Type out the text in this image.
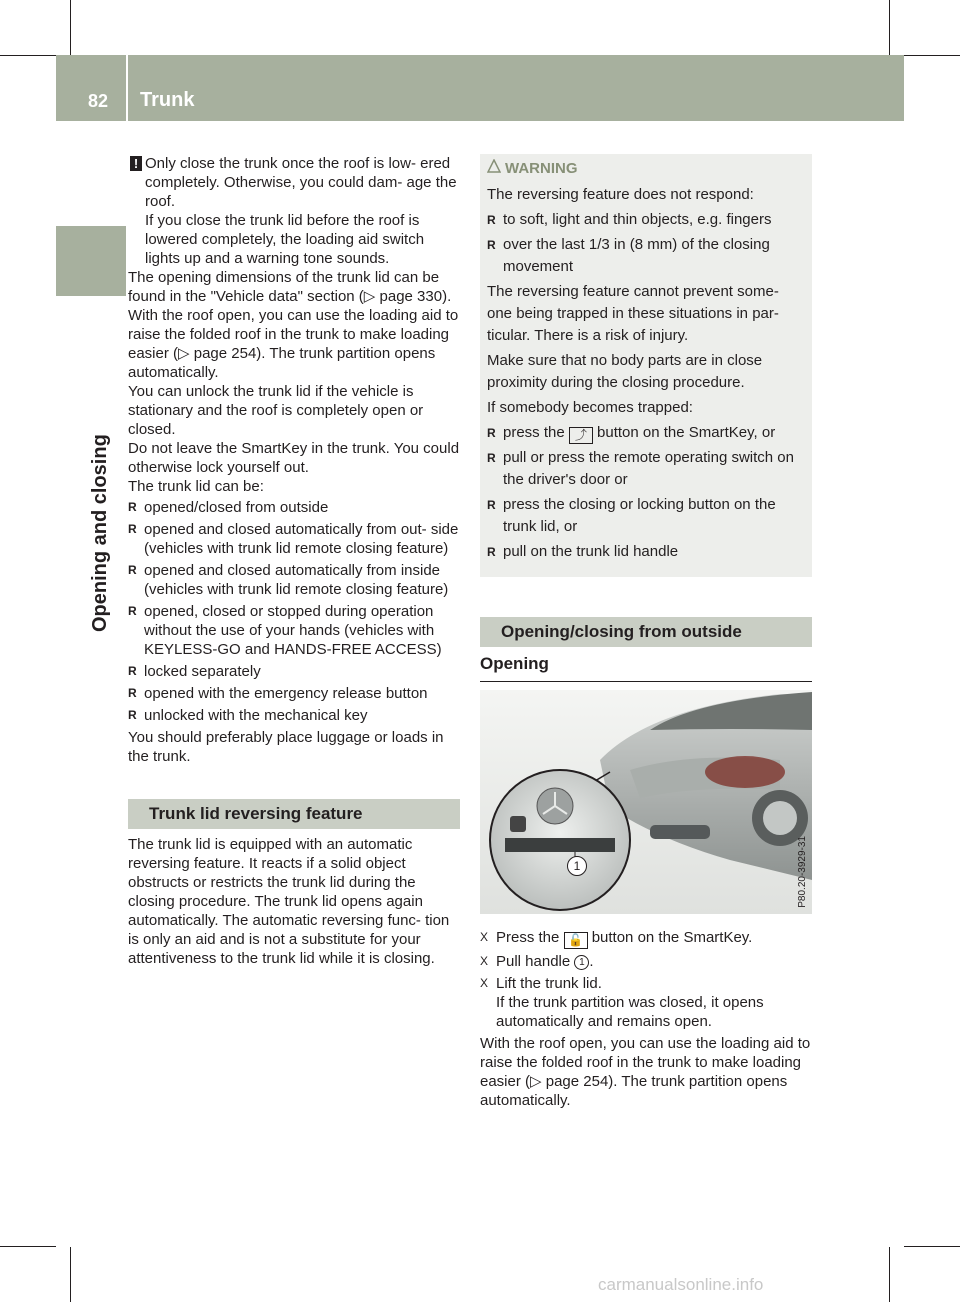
82 Trunk
Opening and closing
! Only close the trunk once the roof is low- ered completely. Otherwise, you could dam- age the roof.

If you close the trunk lid before the roof is lowered completely, the loading aid switch lights up and a warning tone sounds.

The opening dimensions of the trunk lid can be found in the "Vehicle data" section (▷ page 330).

With the roof open, you can use the loading aid to raise the folded roof in the trunk to make loading easier (▷ page 254). The trunk partition opens automatically.

You can unlock the trunk lid if the vehicle is stationary and the roof is completely open or closed.

Do not leave the SmartKey in the trunk. You could otherwise lock yourself out.

The trunk lid can be:

R opened/closed from outside
R opened and closed automatically from out- side (vehicles with trunk lid remote closing feature)
R opened and closed automatically from inside (vehicles with trunk lid remote closing feature)
R opened, closed or stopped during operation without the use of your hands (vehicles with KEYLESS-GO and HANDS-FREE ACCESS)
R locked separately
R opened with the emergency release button
R unlocked with the mechanical key

You should preferably place luggage or loads in the trunk.

Trunk lid reversing feature

The trunk lid is equipped with an automatic reversing feature. It reacts if a solid object obstructs or restricts the trunk lid during the closing procedure. The trunk lid opens again automatically. The automatic reversing func- tion is only an aid and is not a substitute for your attentiveness to the trunk lid while it is closing.

WARNING

The reversing feature does not respond:

R to soft, light and thin objects, e.g. fingers
R over the last 1/3 in (8 mm) of the closing movement

The reversing feature cannot prevent some- one being trapped in these situations in par- ticular. There is a risk of injury.

Make sure that no body parts are in close proximity during the closing procedure.

If somebody becomes trapped:

R press the ⤴ button on the SmartKey, or
R pull or press the remote operating switch on the driver's door or
R press the closing or locking button on the trunk lid, or
R pull on the trunk lid handle
Opening/closing from outside
Opening
1	P80.20-3929-31
X Press the 🔓 button on the SmartKey.
X Pull handle 1 .
X Lift the trunk lid.

If the trunk partition was closed, it opens automatically and remains open.

With the roof open, you can use the loading aid to raise the folded roof in the trunk to make loading easier (▷ page 254). The trunk partition opens automatically.

carmanualsonline.info
